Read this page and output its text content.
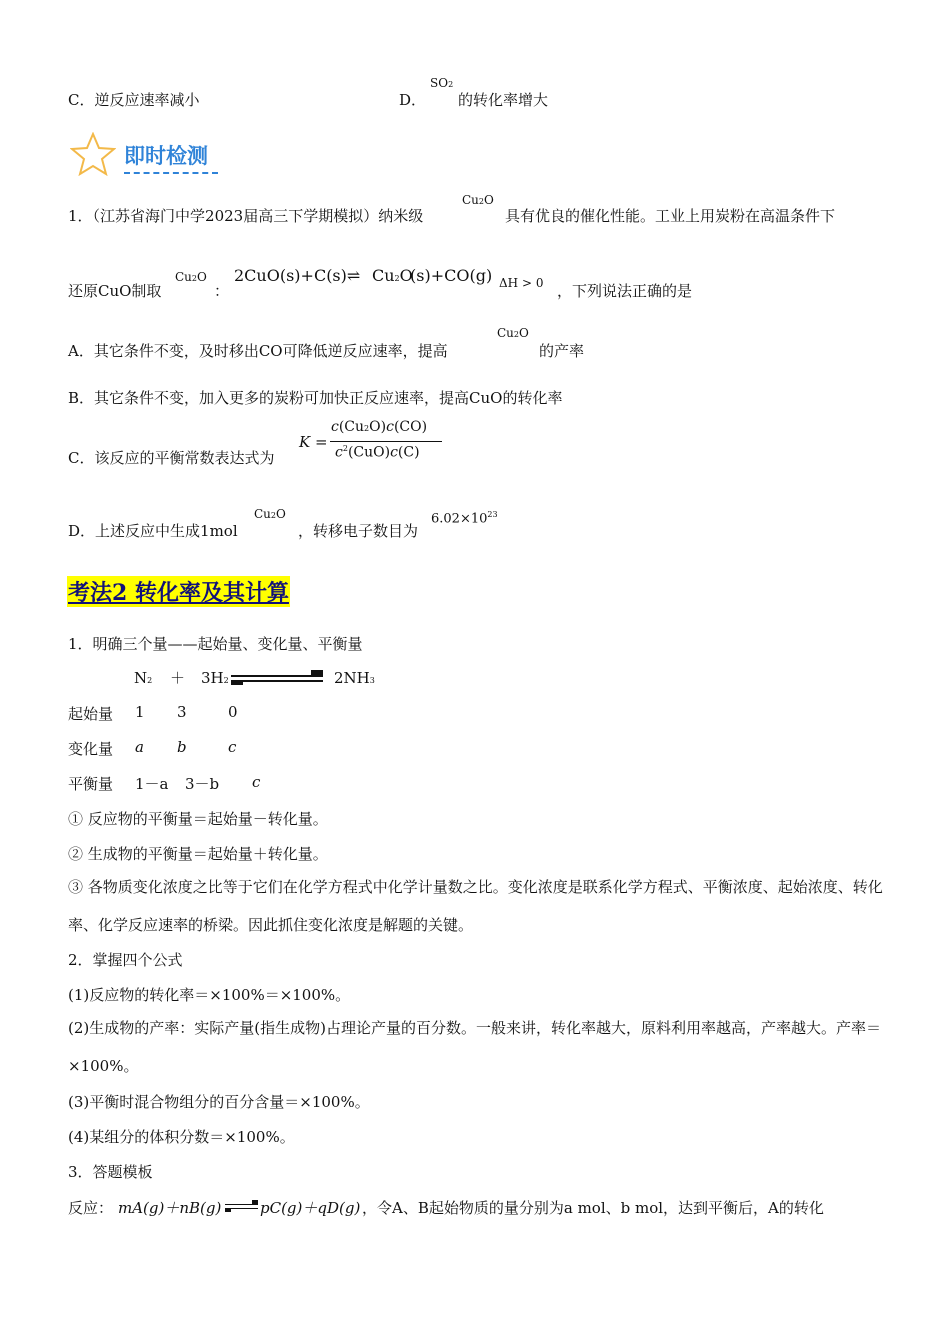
C．逆反应速率减小	D．
SO2
的转化率增大
即时检测
1．（江苏省海门中学2023届高三下学期模拟）纳米级
Cu2O
具有优良的催化性能。工业上用炭粉在高温条件下
还原CuO制取
Cu2O
：
2CuO(s)+C(s)⇌ Cu2O
(s)+CO(g) ΔH > 0 ，下列说法正确的是
A．其它条件不变，及时移出CO可降低逆反应速率，提高
Cu2O
的产率
B．其它条件不变，加入更多的炭粉可加快正反应速率，提高CuO的转化率
C．该反应的平衡常数表达式为
K =
c(Cu2O)c(CO)
$c^2(CuO)c(C)$
D．上述反应中生成1mol
Cu2O
，转移电子数目为
$6.02\times 10^{23}$
考法2 转化率及其计算
1．明确三个量——起始量、变化量、平衡量
N2 ＋ 3H2	2NH3
起始量 1 3	0
变化量 a b	c
平衡量 1－a 3－b c
① 反应物的平衡量＝起始量－转化量。
② 生成物的平衡量＝起始量＋转化量。
③ 各物质变化浓度之比等于它们在化学方程式中化学计量数之比。变化浓度是联系化学方程式、平衡浓度、起始浓度、转化率、化学反应速率的桥梁。因此抓住变化浓度是解题的关键。
2．掌握四个公式
(1)反应物的转化率＝×100%＝×100%。
(2)生成物的产率：实际产量(指生成物)占理论产量的百分数。一般来讲，转化率越大，原料利用率越高，产率越大。产率＝×100%。
(3)平衡时混合物组分的百分含量＝×100%。
(4)某组分的体积分数＝×100%。
3．答题模板
反应： mA(g)＋nB(g)	pC(g)＋qD(g) ，令A、B起始物质的量分别为a mol、b mol，达到平衡后，A的转化
